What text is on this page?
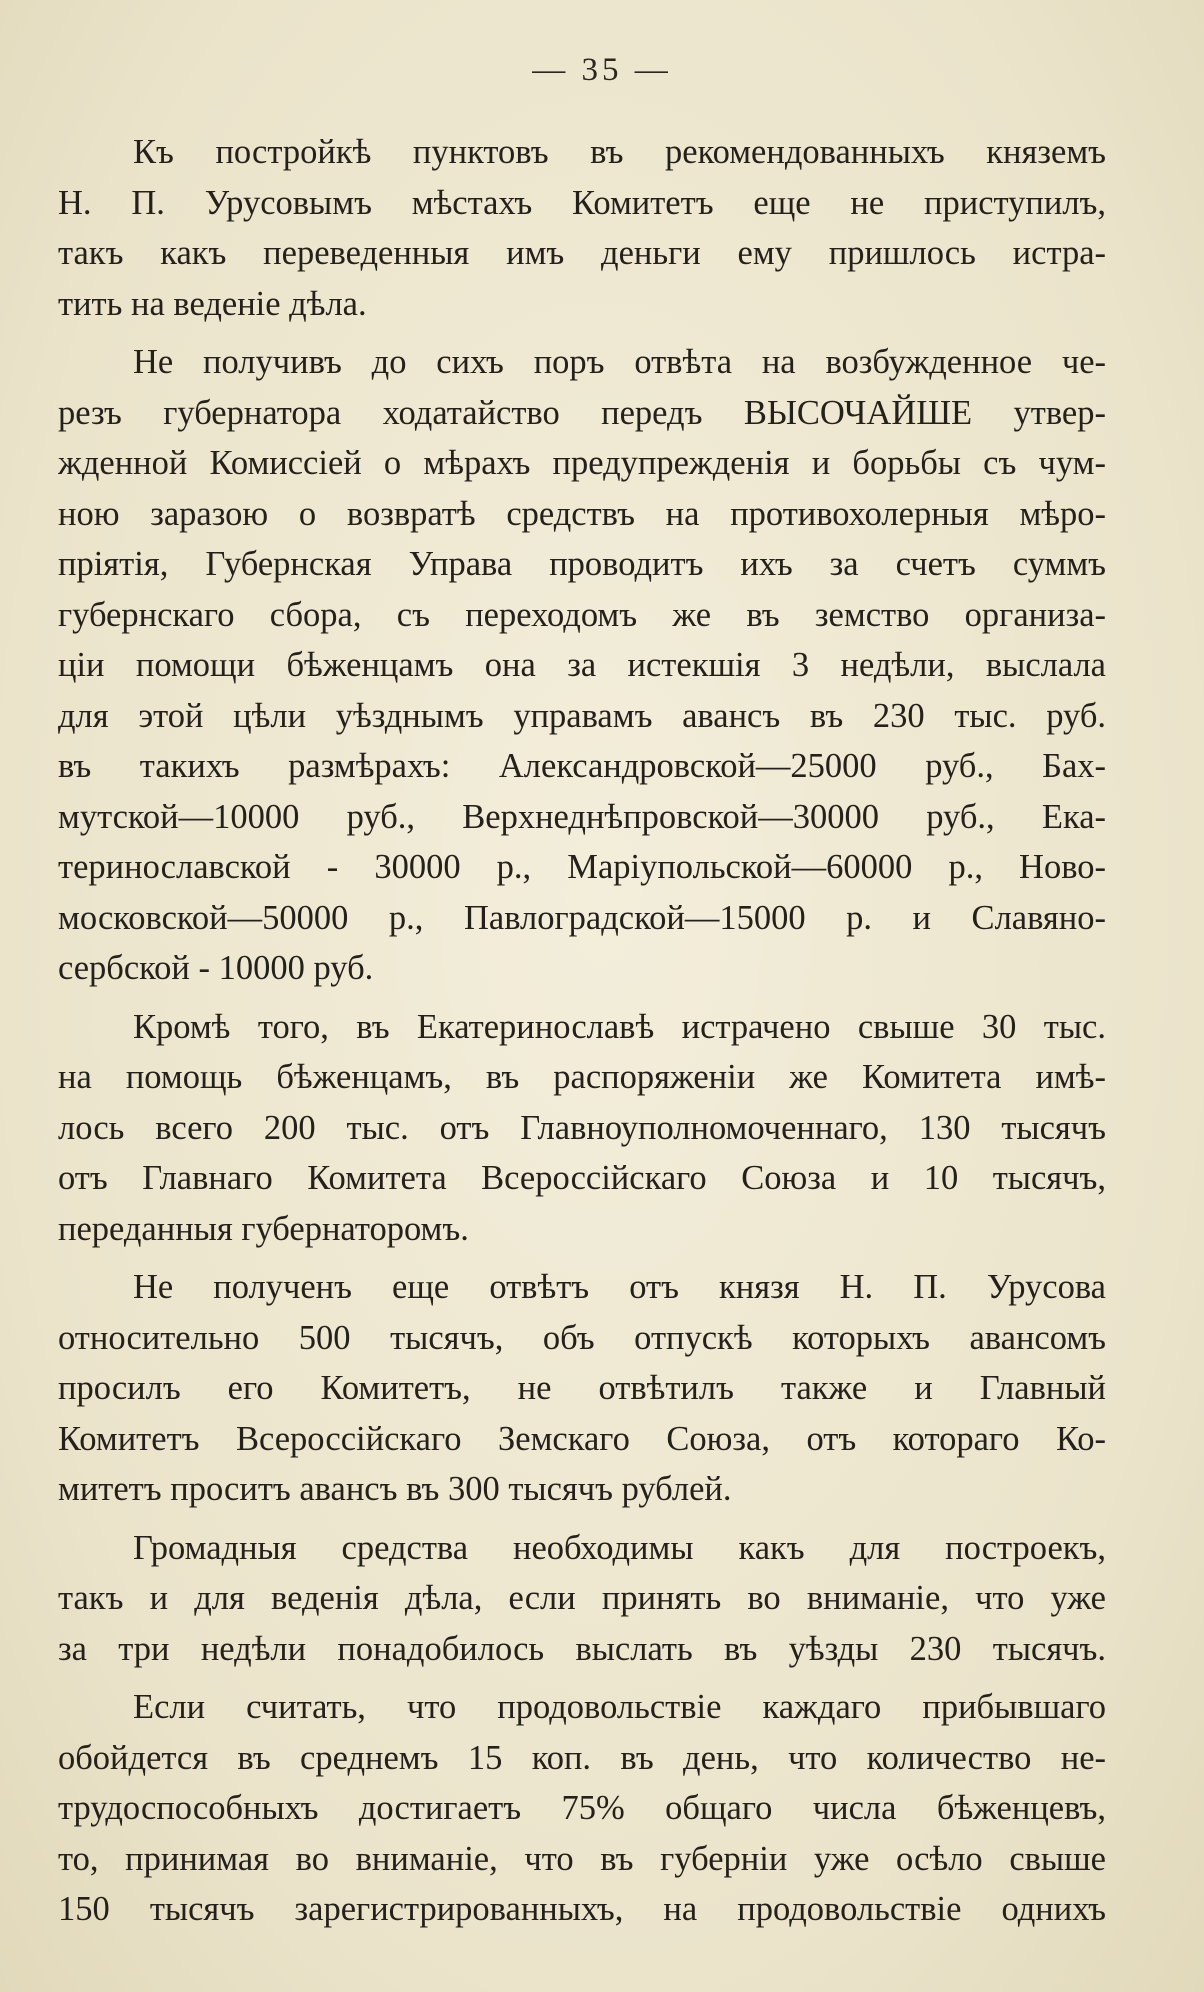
— 35 —
Къ постройкѣ пунктовъ въ рекомендованныхъ княземъ
Н. П. Урусовымъ мѣстахъ Комитетъ еще не приступилъ,
такъ какъ переведенныя имъ деньги ему пришлось истра-
тить на веденіе дѣла.
Не получивъ до сихъ поръ отвѣта на возбужденное че-
резъ губернатора ходатайство передъ ВЫСОЧАЙШЕ утвер-
жденной Комиссіей о мѣрахъ предупрежденія и борьбы съ чум-
ною заразою о возвратѣ средствъ на противохолерныя мѣро-
пріятія, Губернская Управа проводитъ ихъ за счетъ суммъ
губернскаго сбора, съ переходомъ же въ земство организа-
ціи помощи бѣженцамъ она за истекшія 3 недѣли, выслала
для этой цѣли уѣзднымъ управамъ авансъ въ 230 тыс. руб.
въ такихъ размѣрахъ: Александровской—25000 руб., Бах-
мутской—10000 руб., Верхнеднѣпровской—30000 руб., Ека-
теринославской - 30000 р., Маріупольской—60000 р., Ново-
московской—50000 р., Павлоградской—15000 р. и Славяно-
сербской - 10000 руб.
Кромѣ того, въ Екатеринославѣ истрачено свыше 30 тыс.
на помощь бѣженцамъ, въ распоряженіи же Комитета имѣ-
лось всего 200 тыс. отъ Главноуполномоченнаго, 130 тысячъ
отъ Главнаго Комитета Всероссійскаго Союза и 10 тысячъ,
переданныя губернаторомъ.
Не полученъ еще отвѣтъ отъ князя Н. П. Урусова
относительно 500 тысячъ, объ отпускѣ которыхъ авансомъ
просилъ его Комитетъ, не отвѣтилъ также и Главный
Комитетъ Всероссійскаго Земскаго Союза, отъ котораго Ко-
митетъ проситъ авансъ въ 300 тысячъ рублей.
Громадныя средства необходимы какъ для построекъ,
такъ и для веденія дѣла, если принять во вниманіе, что уже
за три недѣли понадобилось выслать въ уѣзды 230 тысячъ.
Если считать, что продовольствіе каждаго прибывшаго
обойдется въ среднемъ 15 коп. въ день, что количество не-
трудоспособныхъ достигаетъ 75% общаго числа бѣженцевъ,
то, принимая во вниманіе, что въ губерніи уже осѣло свыше
150 тысячъ зарегистрированныхъ, на продовольствіе однихъ
